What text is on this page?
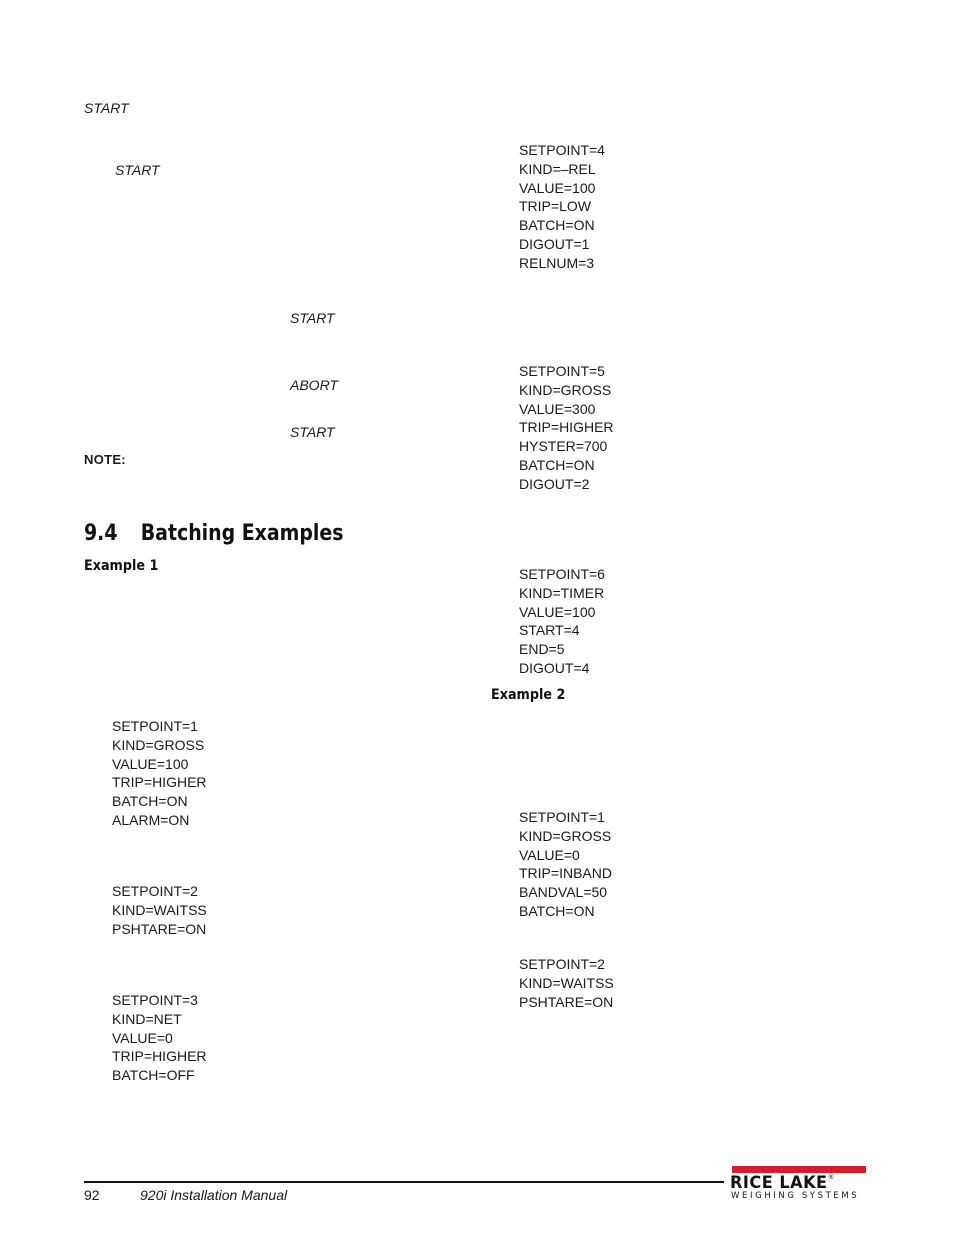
START
START
START
ABORT
START
NOTE:
9.4 Batching Examples
Example 1
Example 2
SETPOINT=1
KIND=GROSS
VALUE=100
TRIP=HIGHER
BATCH=ON
ALARM=ON
SETPOINT=2
KIND=WAITSS
PSHTARE=ON
SETPOINT=3
KIND=NET
VALUE=0
TRIP=HIGHER
BATCH=OFF
SETPOINT=4
KIND=–REL
VALUE=100
TRIP=LOW
BATCH=ON
DIGOUT=1
RELNUM=3
SETPOINT=5
KIND=GROSS
VALUE=300
TRIP=HIGHER
HYSTER=700
BATCH=ON
DIGOUT=2
SETPOINT=6
KIND=TIMER
VALUE=100
START=4
END=5
DIGOUT=4
SETPOINT=1
KIND=GROSS
VALUE=0
TRIP=INBAND
BANDVAL=50
BATCH=ON
SETPOINT=2
KIND=WAITSS
PSHTARE=ON
92	920i Installation Manual
RICE LAKE®
WEIGHING SYSTEMS
